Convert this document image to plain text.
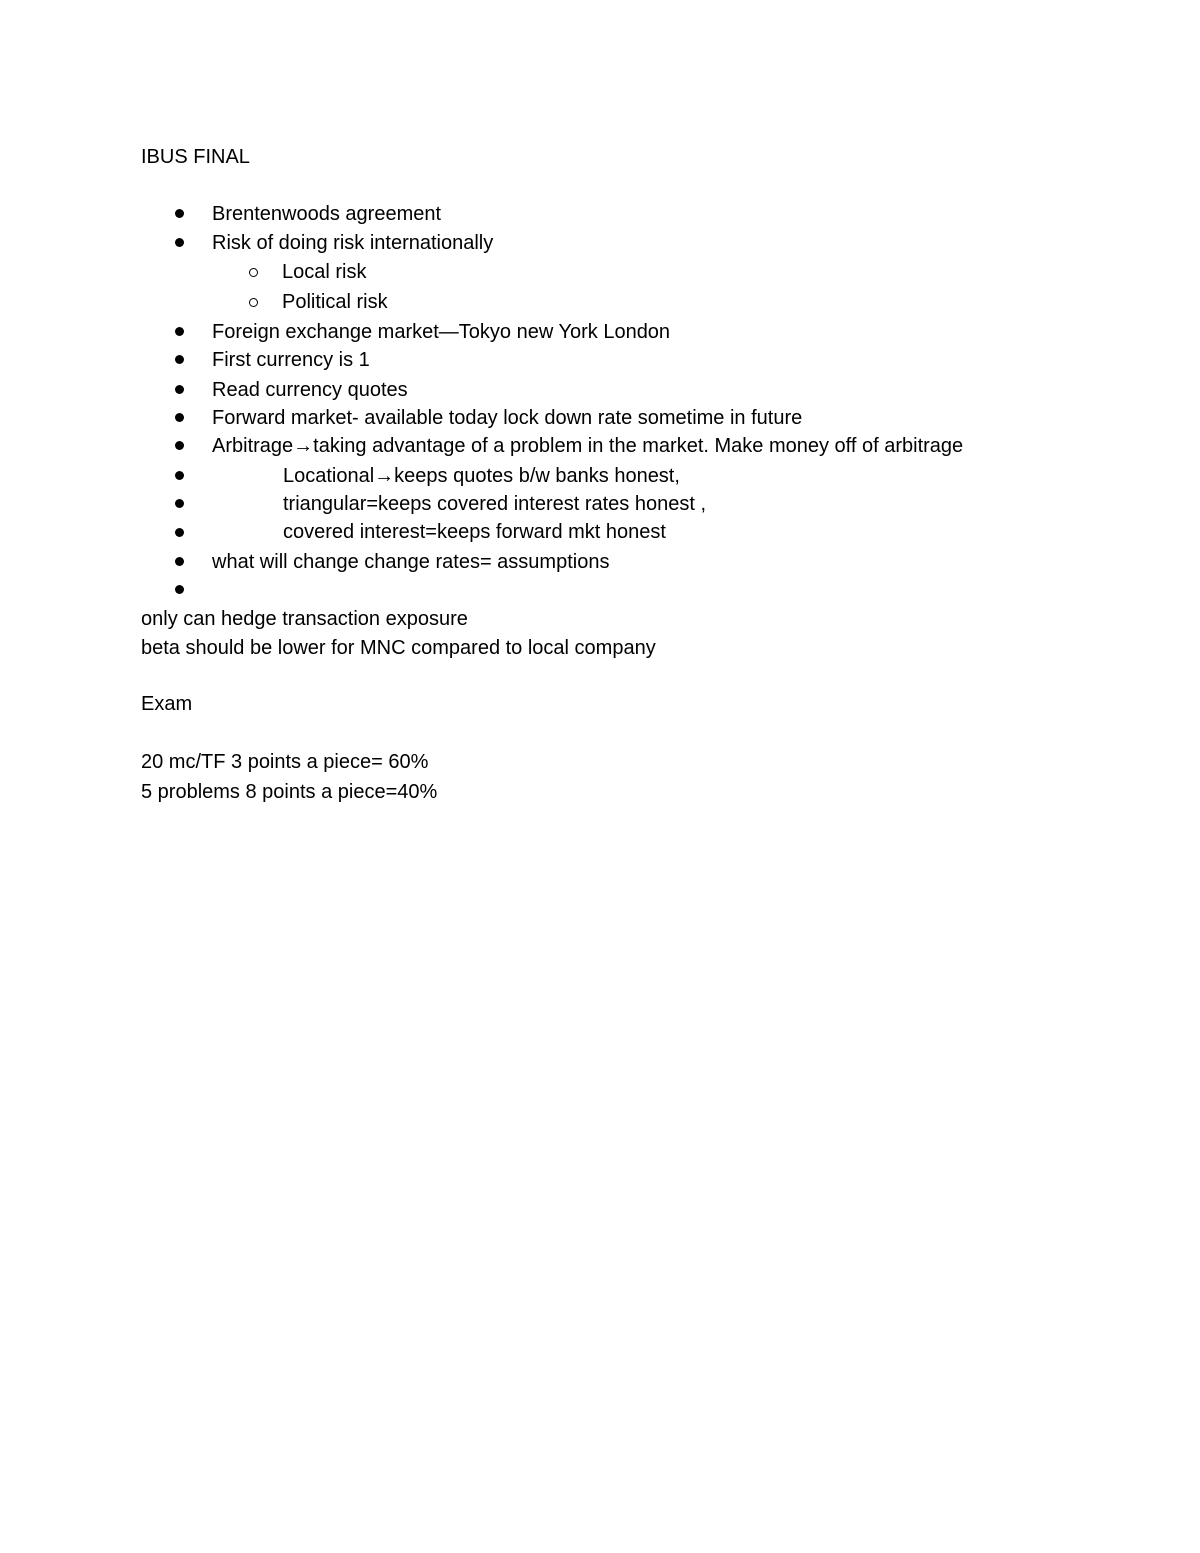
IBUS FINAL
Brentenwoods agreement
Risk of doing risk internationally
Local risk
Political risk
Foreign exchange market—Tokyo new York London
First currency is 1
Read currency quotes
Forward market- available today lock down rate sometime in future
Arbitrage→taking advantage of a problem in the market. Make money off of arbitrage
Locational→keeps quotes b/w banks honest,
triangular=keeps covered interest rates honest ,
covered interest=keeps forward mkt honest
what will change change rates= assumptions
only can hedge transaction exposure
beta should be lower for MNC compared to local company
Exam
20 mc/TF 3 points a piece= 60%
5 problems 8 points a piece=40%
